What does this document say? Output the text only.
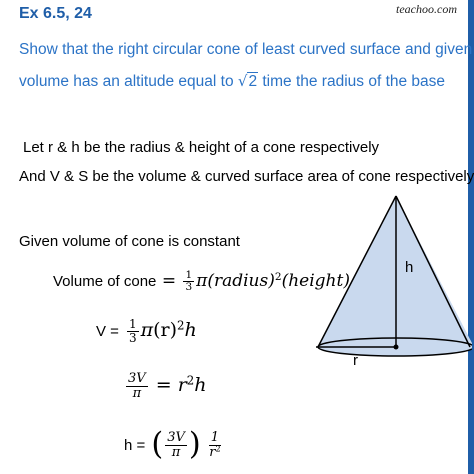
Ex 6.5, 24	teachoo.com
Show that the right circular cone of least curved surface and given
volume has an altitude equal to √2 time the radius of the base
Let r & h be the radius & height of a cone respectively
And V & S be the volume & curved surface area of cone respectively
Given volume of cone is constant
Volume of cone = $\frac{1}{3}$ π(radius)$^2$(height)
$V = \frac{1}{3} \pi(r)^2h$
$\frac{3V}{\pi} = r^2h$
h = ( $\frac{3V}{\pi}$ ) $\frac{1}{r^2}$
h
r
